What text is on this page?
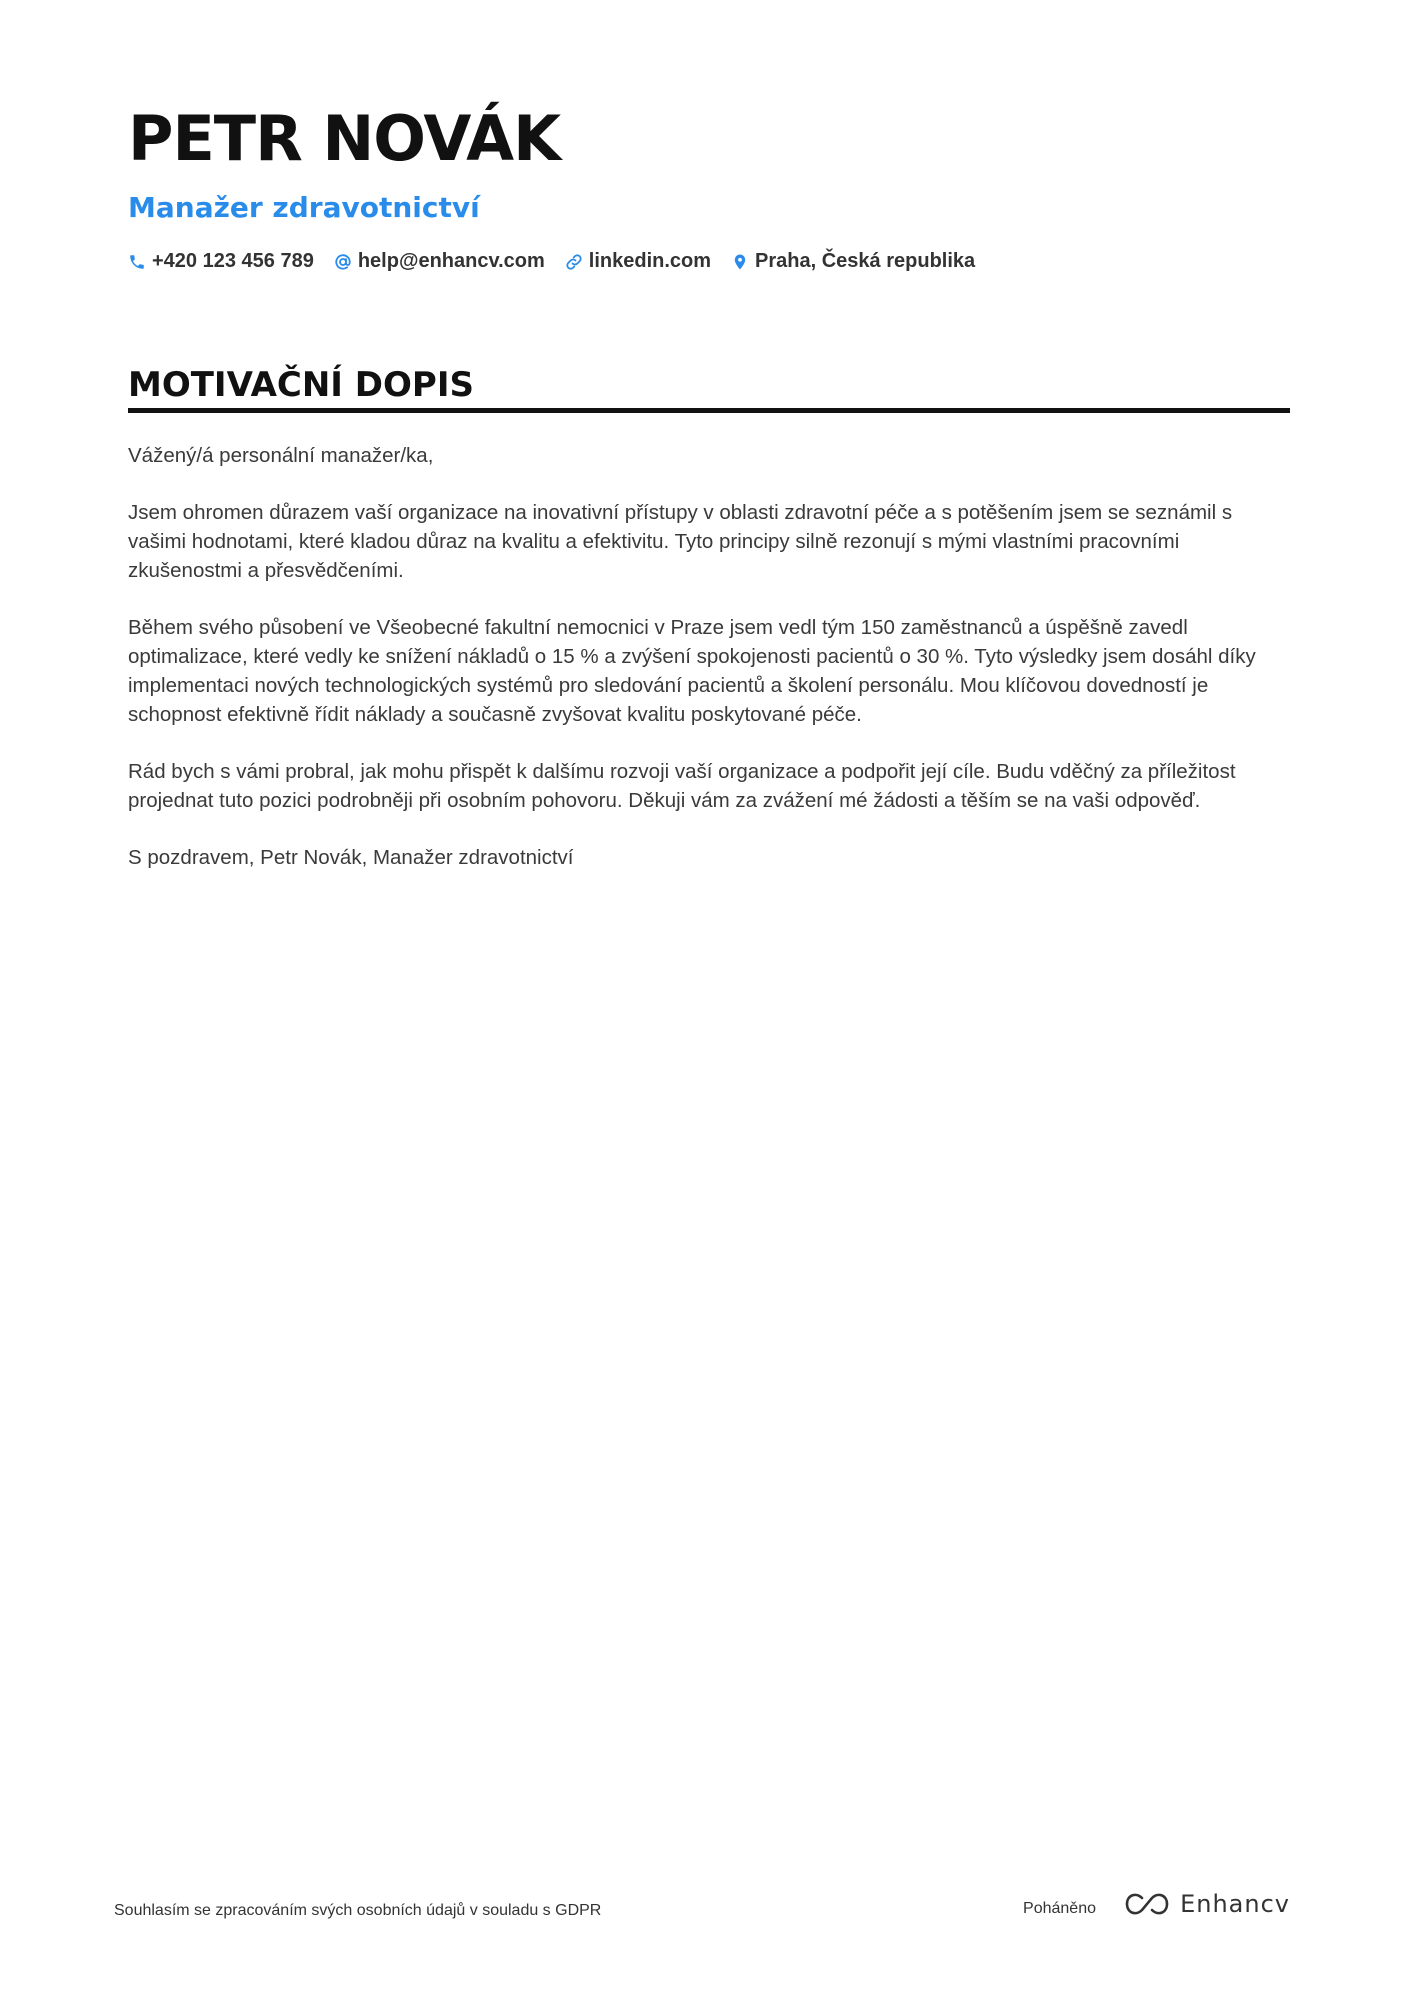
PETR NOVÁK
Manažer zdravotnictví
+420 123 456 789 help@enhancv.com linkedin.com Praha, Česká republika
MOTIVAČNÍ DOPIS

Vážený/á personální manažer/ka,

Jsem ohromen důrazem vaší organizace na inovativní přístupy v oblasti zdravotní péče a s potěšením jsem se seznámil s vašimi hodnotami, které kladou důraz na kvalitu a efektivitu. Tyto principy silně rezonují s mými vlastními pracovními zkušenostmi a přesvědčeními.

Během svého působení ve Všeobecné fakultní nemocnici v Praze jsem vedl tým 150 zaměstnanců a úspěšně zavedl optimalizace, které vedly ke snížení nákladů o 15 % a zvýšení spokojenosti pacientů o 30 %. Tyto výsledky jsem dosáhl díky implementaci nových technologických systémů pro sledování pacientů a školení personálu. Mou klíčovou dovedností je schopnost efektivně řídit náklady a současně zvyšovat kvalitu poskytované péče.

Rád bych s vámi probral, jak mohu přispět k dalšímu rozvoji vaší organizace a podpořit její cíle. Budu vděčný za příležitost projednat tuto pozici podrobněji při osobním pohovoru. Děkuji vám za zvážení mé žádosti a těším se na vaši odpověď.

S pozdravem, Petr Novák, Manažer zdravotnictví

Souhlasím se zpracováním svých osobních údajů v souladu s GDPR	Poháněno	Enhancv
